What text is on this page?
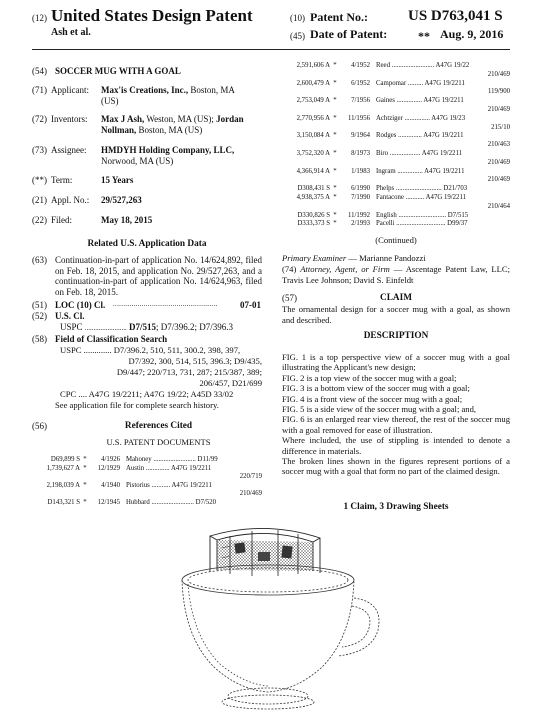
(12) United States Design Patent
Ash et al.
(10) Patent No.:	US D763,041 S
(45) Date of Patent:	** Aug. 9, 2016
(54) SOCCER MUG WITH A GOAL
(71) Applicant: Max'is Creations, Inc., Boston, MA
(US)
(72) Inventors: Max J Ash, Weston, MA (US); Jordan
Nollman, Boston, MA (US)
(73) Assignee: HMDYH Holding Company, LLC,
Norwood, MA (US)
(**) Term:	15 Years
(21) Appl. No.: 29/527,263
(22) Filed:	May 18, 2015
Related U.S. Application Data
(63) Continuation-in-part of application No. 14/624,892, filed on Feb. 18, 2015, and application No. 29/527,263, and a continuation-in-part of application No. 14/624,963, filed on Feb. 18, 2015.
(51) LOC (10) Cl. ................................................... 07-01
(52) U.S. Cl.
USPC ........................ D7/515; D7/396.2; D7/396.3
(58) Field of Classification Search
USPC ............. D7/396.2, 510, 511, 300.2, 398, 397,
D7/392, 300, 514, 515, 396.3; D9/435,
D9/447; 220/713, 731, 287; 215/387, 389;
206/457, D21/699
CPC .... A47G 19/2211; A47G 19/22; A45D 33/02
See application file for complete search history.
(56)	References Cited
U.S. PATENT DOCUMENTS
D69,899 S *	4/1926 Mahoney ......................... D11/99
1,739,627 A *	12/1929 Austin .............. A47G 19/2211
220/719
2,198,039 A *	4/1940 Pistorius ........... A47G 19/2211
210/469
D143,321 S *	12/1945 Hubbard ......................... D7/520
2,591,606 A *	4/1952 Reed ......................... A47G 19/22
210/469
2,600,479 A *	6/1952 Campomar ......... A47G 19/2211
119/900
2,753,049 A *	7/1956 Gaines ............... A47G 19/2211
210/469
2,770,956 A *	11/1956 Achtziger ............... A47G 19/23
215/10
3,150,084 A *	9/1964 Rodges .............. A47G 19/2211
210/463
3,752,320 A *	8/1973 Biro .................. A47G 19/2211
210/469
4,366,914 A *	1/1983 Ingram ............... A47G 19/2211
210/469
D308,431 S *	6/1990 Phelps ........................... D21/703
4,938,375 A *	7/1990 Fantacone ........... A47G 19/2211
210/464
D330,826 S *	11/1992 English ............................ D7/515
D333,373 S *	2/1993 Pacelli ............................. D99/37
(Continued)
Primary Examiner — Marianne Pandozzi
(74) Attorney, Agent, or Firm — Ascentage Patent Law, LLC; Travis Lee Johnson; David S. Einfeldt
(57)	CLAIM
The ornamental design for a soccer mug with a goal, as shown and described.
DESCRIPTION
FIG. 1 is a top perspective view of a soccer mug with a goal illustrating the Applicant's new design;
FIG. 2 is a top view of the soccer mug with a goal;
FIG. 3 is a bottom view of the soccer mug with a goal;
FIG. 4 is a front view of the soccer mug with a goal;
FIG. 5 is a side view of the soccer mug with a goal; and,
FIG. 6 is an enlarged rear view thereof, the rest of the soccer mug with a goal removed for ease of illustration.
Where included, the use of stippling is intended to denote a difference in materials.
The broken lines shown in the figures represent portions of a soccer mug with a goal that form no part of the claimed design.
1 Claim, 3 Drawing Sheets
